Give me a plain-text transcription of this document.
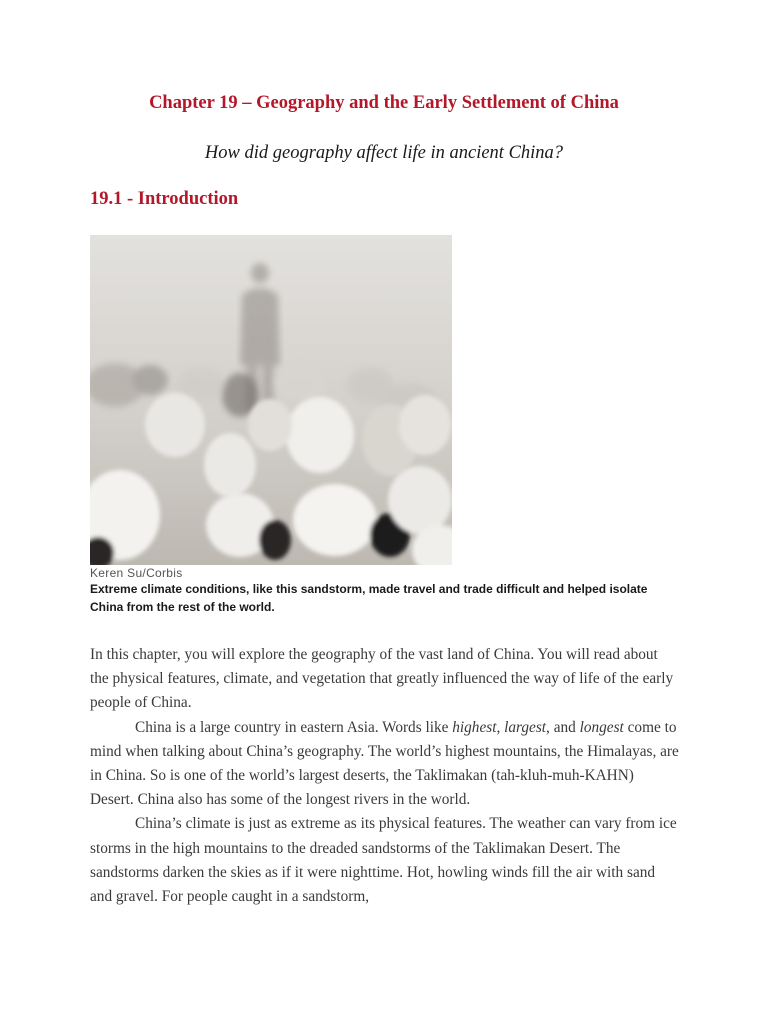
Chapter 19 – Geography and the Early Settlement of China
How did geography affect life in ancient China?
19.1 - Introduction
Keren Su/Corbis
Extreme climate conditions, like this sandstorm, made travel and trade difficult and helped isolate China from the rest of the world.

In this chapter, you will explore the geography of the vast land of China. You will read about the physical features, climate, and vegetation that greatly influenced the way of life of the early people of China.

China is a large country in eastern Asia. Words like highest, largest, and longest come to mind when talking about China’s geography. The world’s highest mountains, the Himalayas, are in China. So is one of the world’s largest deserts, the Taklimakan (tah-kluh-muh-KAHN) Desert. China also has some of the longest rivers in the world.

China’s climate is just as extreme as its physical features. The weather can vary from ice storms in the high mountains to the dreaded sandstorms of the Taklimakan Desert. The sandstorms darken the skies as if it were nighttime. Hot, howling winds fill the air with sand and gravel. For people caught in a sandstorm,
